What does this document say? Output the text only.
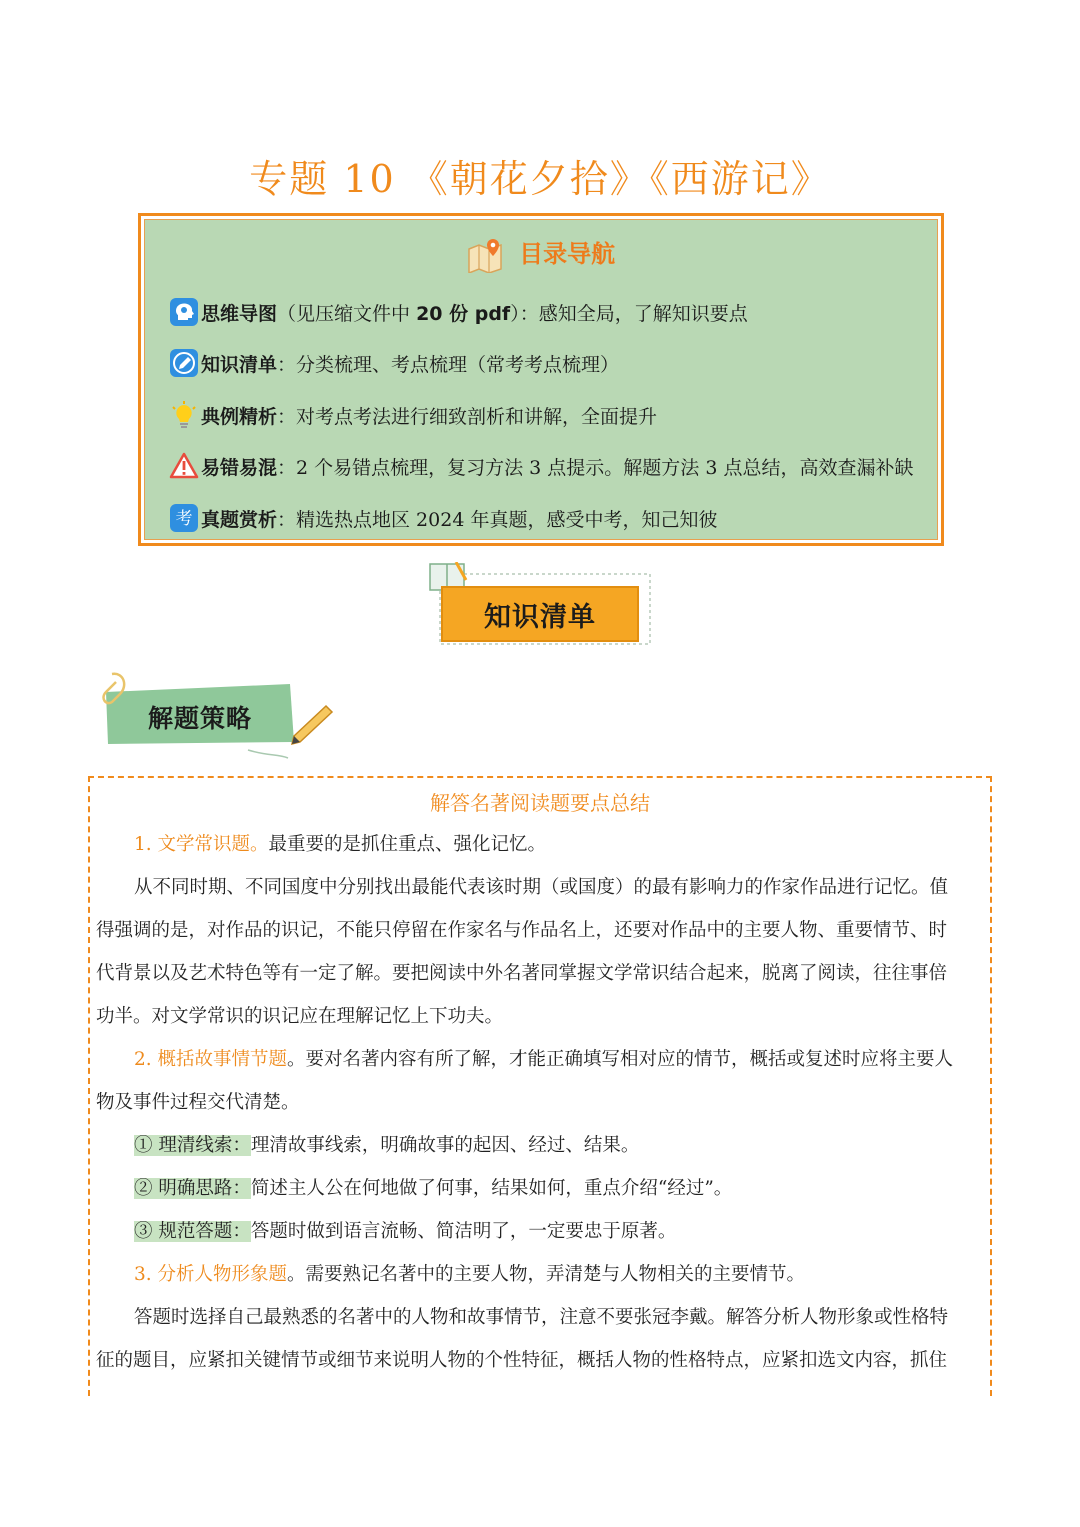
专题 10 《朝花夕拾》《西游记》
目录导航
思维导图 （见压缩文件中 20 份 pdf）：感知全局，了解知识要点
知识清单 ：分类梳理、考点梳理（常考考点梳理）
典例精析 ：对考点考法进行细致剖析和讲解，全面提升
易错易混 ：2 个易错点梳理，复习方法 3 点提示。解题方法 3 点总结，高效查漏补缺
考 真题赏析 ：精选热点地区 2024 年真题，感受中考，知己知彼
知识清单
解题策略
解答名著阅读题要点总结
1. 文学常识题。最重要的是抓住重点、强化记忆。
从不同时期、不同国度中分别找出最能代表该时期（或国度）的最有影响力的作家作品进行记忆。值
得强调的是，对作品的识记，不能只停留在作家名与作品名上，还要对作品中的主要人物、重要情节、时
代背景以及艺术特色等有一定了解。要把阅读中外名著同掌握文学常识结合起来，脱离了阅读，往往事倍
功半。对文学常识的识记应在理解记忆上下功夫。
2. 概括故事情节题。要对名著内容有所了解，才能正确填写相对应的情节，概括或复述时应将主要人
物及事件过程交代清楚。
① 理清线索：理清故事线索，明确故事的起因、经过、结果。
② 明确思路：简述主人公在何地做了何事，结果如何，重点介绍“经过”。
③ 规范答题：答题时做到语言流畅、简洁明了，一定要忠于原著。
3. 分析人物形象题。需要熟记名著中的主要人物，弄清楚与人物相关的主要情节。
答题时选择自己最熟悉的名著中的人物和故事情节，注意不要张冠李戴。解答分析人物形象或性格特
征的题目，应紧扣关键情节或细节来说明人物的个性特征，概括人物的性格特点，应紧扣选文内容，抓住
